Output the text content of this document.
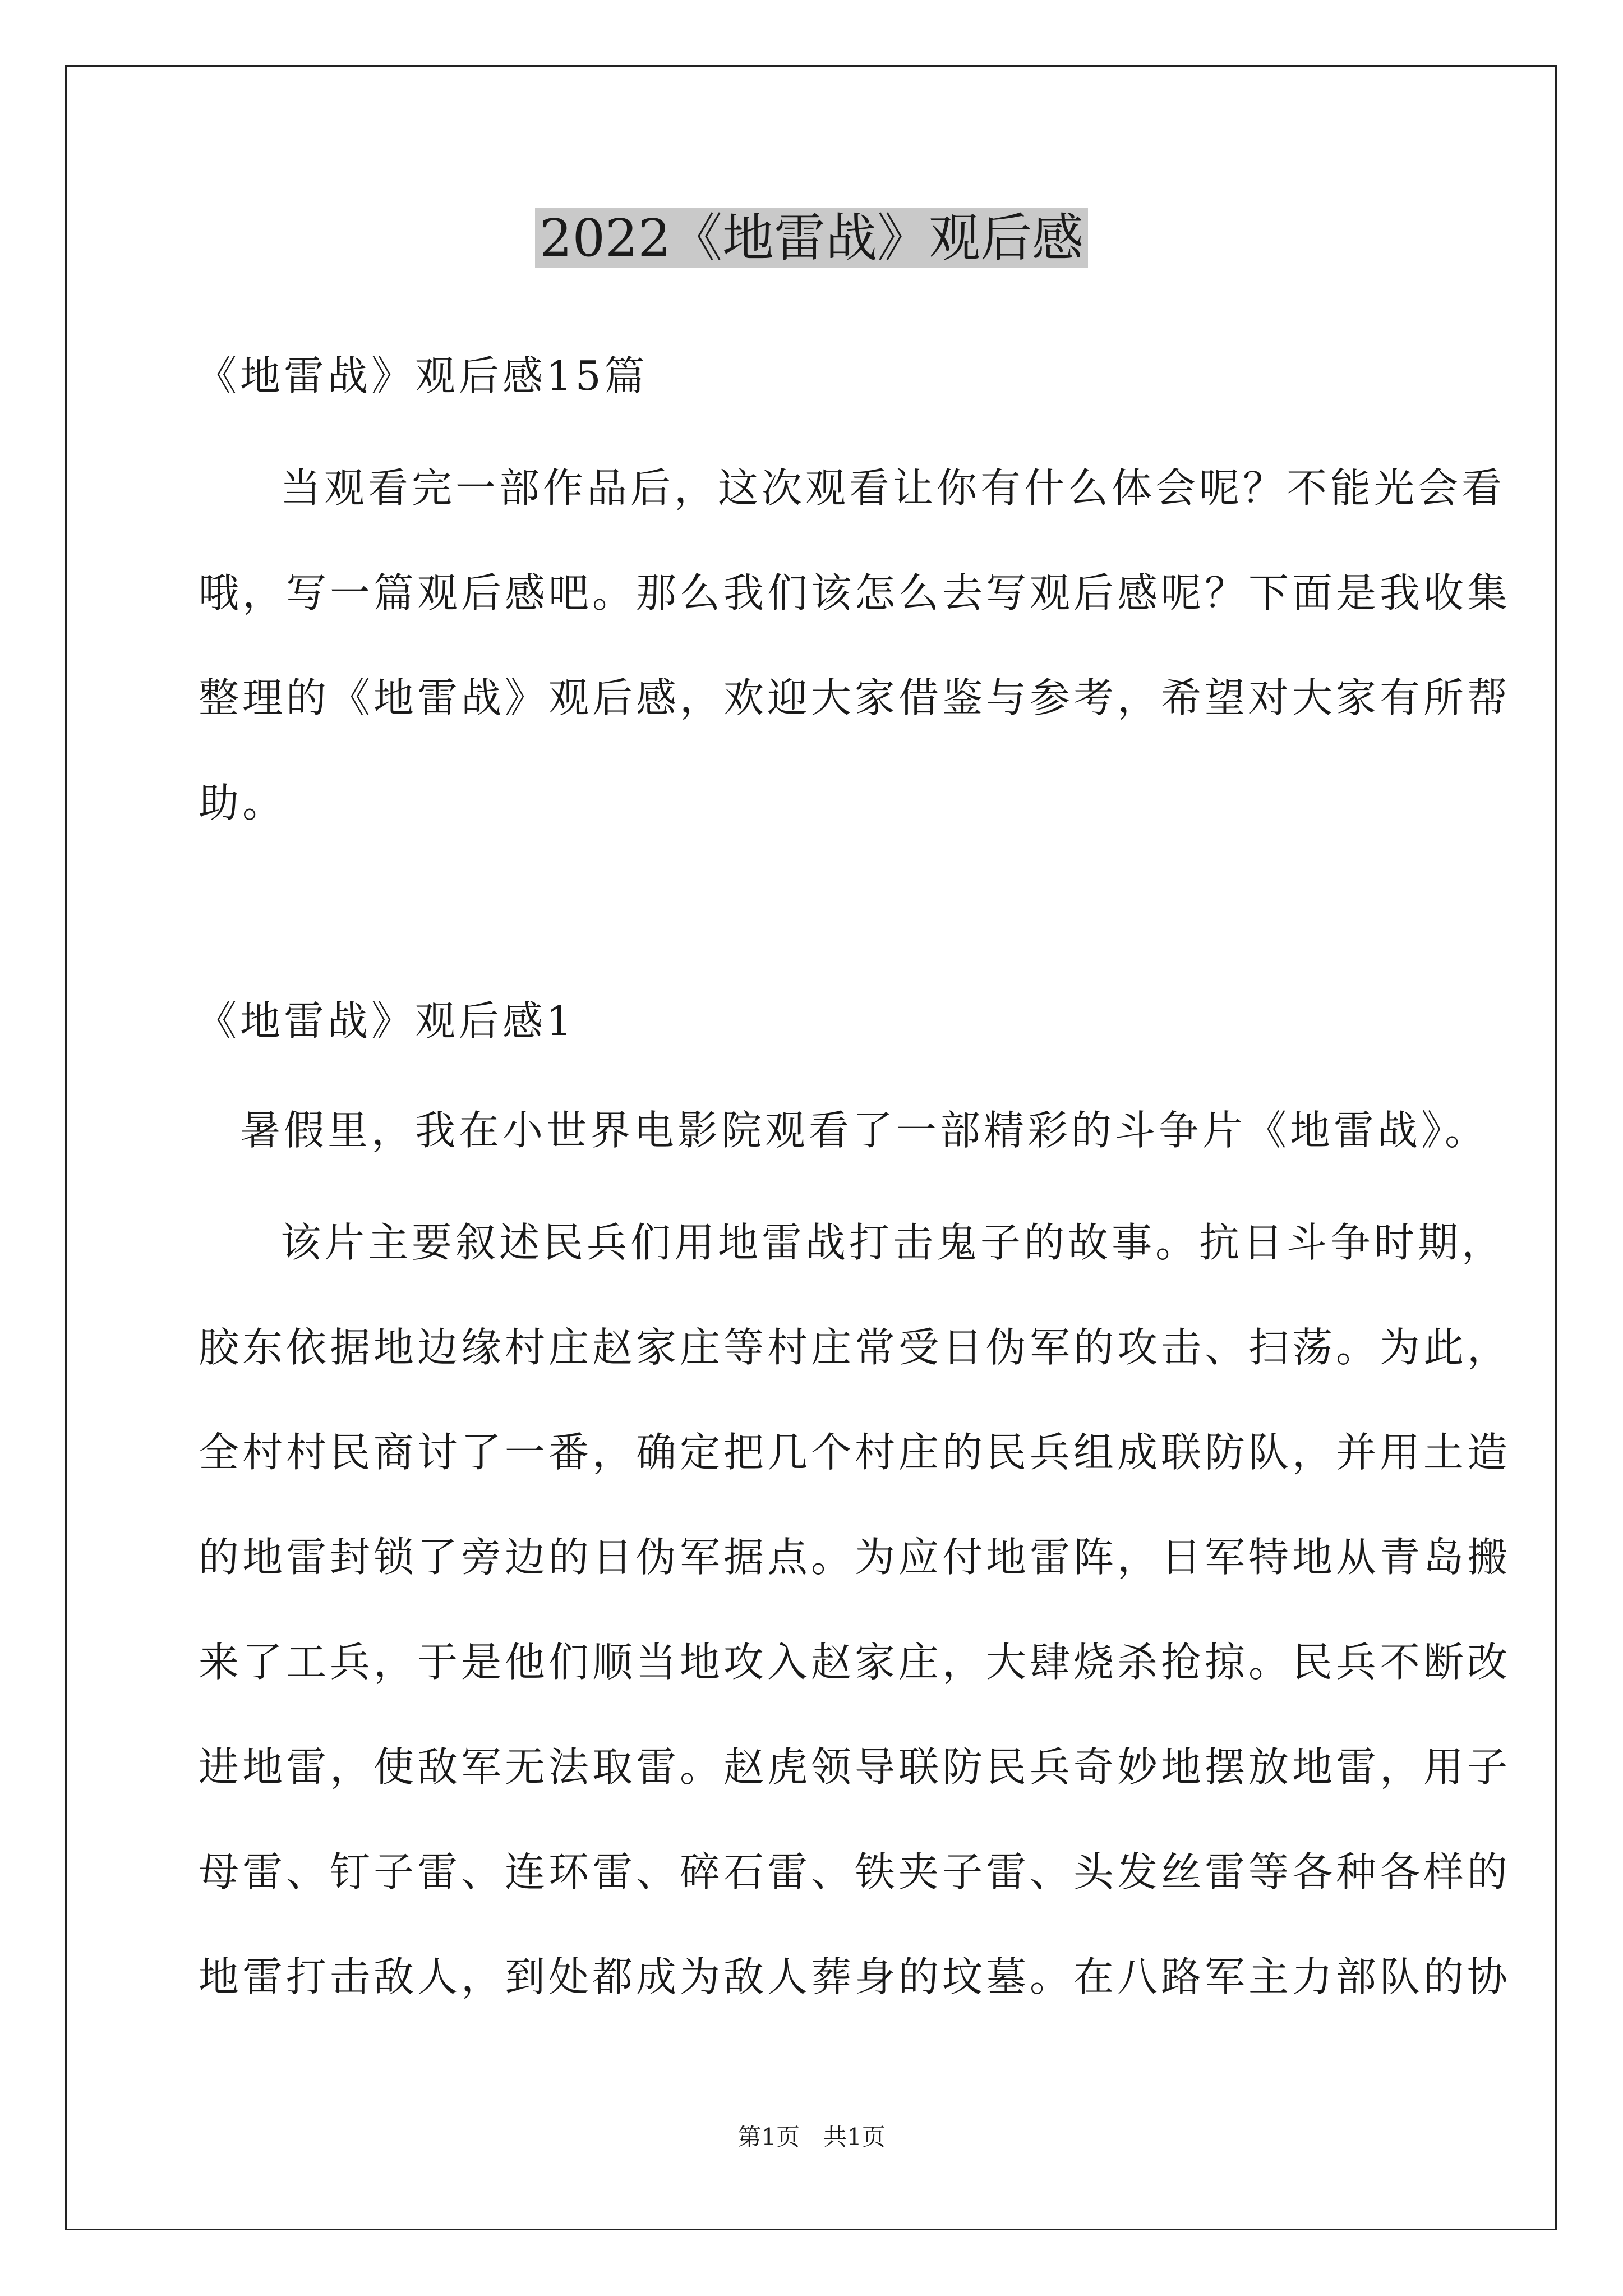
2022《地雷战》观后感
《地雷战》观后感15篇
当观看完一部作品后，这次观看让你有什么体会呢？不能光会看
哦，写一篇观后感吧。那么我们该怎么去写观后感呢？下面是我收集
整理的《地雷战》观后感，欢迎大家借鉴与参考，希望对大家有所帮
助。
《地雷战》观后感1
暑假里，我在小世界电影院观看了一部精彩的斗争片《地雷战》。
该片主要叙述民兵们用地雷战打击鬼子的故事。抗日斗争时期，
胶东依据地边缘村庄赵家庄等村庄常受日伪军的攻击、扫荡。为此，
全村村民商讨了一番，确定把几个村庄的民兵组成联防队，并用土造
的地雷封锁了旁边的日伪军据点。为应付地雷阵，日军特地从青岛搬
来了工兵，于是他们顺当地攻入赵家庄，大肆烧杀抢掠。民兵不断改
进地雷，使敌军无法取雷。赵虎领导联防民兵奇妙地摆放地雷，用子
母雷、钉子雷、连环雷、碎石雷、铁夹子雷、头发丝雷等各种各样的
地雷打击敌人，到处都成为敌人葬身的坟墓。在八路军主力部队的协
第1页　共1页
